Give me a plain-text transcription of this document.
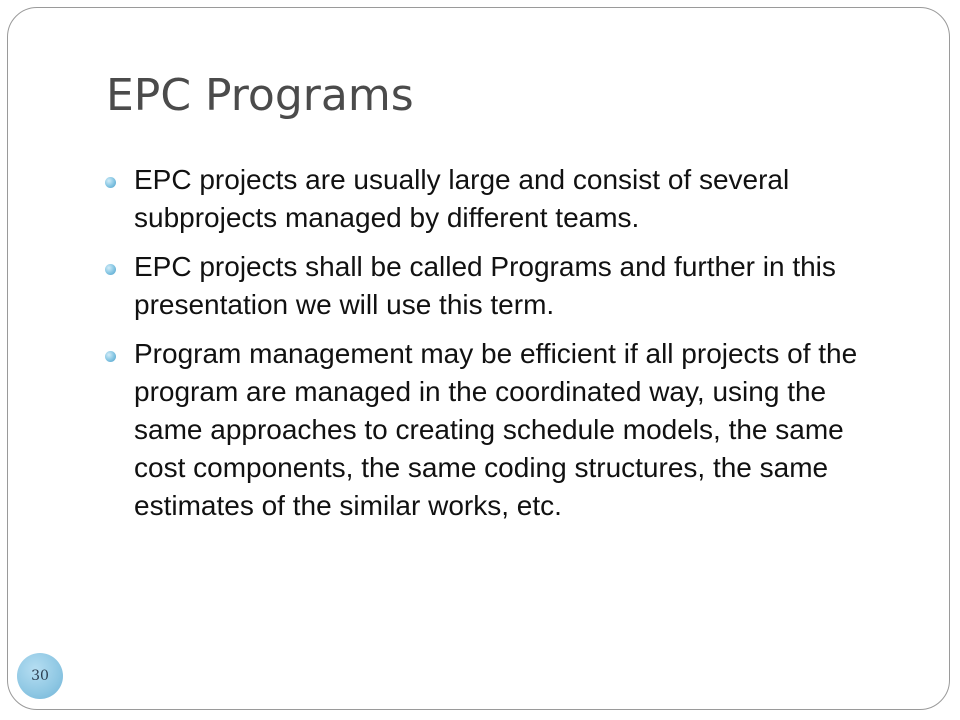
EPC Programs
EPC projects are usually large and consist of several subprojects managed by different teams.
EPC projects shall be called Programs and further in this presentation we will use this term.
Program management may be efficient if all projects of the program are managed in the coordinated way, using the same approaches to creating schedule models, the same cost components, the same coding structures, the same estimates of the similar works, etc.
30
